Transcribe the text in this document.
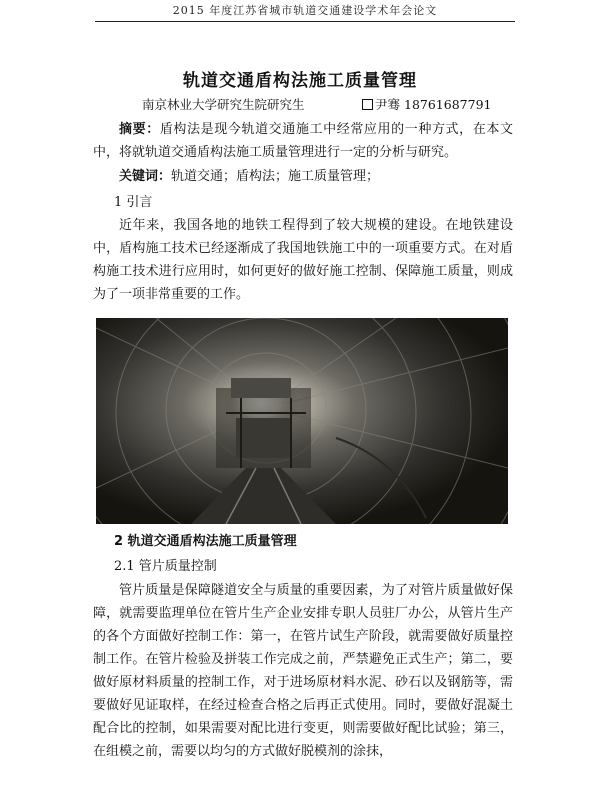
2015 年度江苏省城市轨道交通建设学术年会论文
轨道交通盾构法施工质量管理
南京林业大学研究生院研究生	尹骞 18761687791
摘要：盾构法是现今轨道交通施工中经常应用的一种方式，在本文中，将就轨道交通盾构法施工质量管理进行一定的分析与研究。
关键词：轨道交通；盾构法；施工质量管理；
1 引言
近年来，我国各地的地铁工程得到了较大规模的建设。在地铁建设中，盾构施工技术已经逐渐成了我国地铁施工中的一项重要方式。在对盾构施工技术进行应用时，如何更好的做好施工控制、保障施工质量，则成为了一项非常重要的工作。
2 轨道交通盾构法施工质量管理
2.1 管片质量控制
管片质量是保障隧道安全与质量的重要因素，为了对管片质量做好保障，就需要监理单位在管片生产企业安排专职人员驻厂办公，从管片生产的各个方面做好控制工作：第一，在管片试生产阶段，就需要做好质量控制工作。在管片检验及拼装工作完成之前，严禁避免正式生产；第二，要做好原材料质量的控制工作，对于进场原材料水泥、砂石以及钢筋等，需要做好见证取样，在经过检查合格之后再正式使用。同时，要做好混凝土配合比的控制，如果需要对配比进行变更，则需要做好配比试验；第三，在组模之前，需要以均匀的方式做好脱模剂的涂抹，
